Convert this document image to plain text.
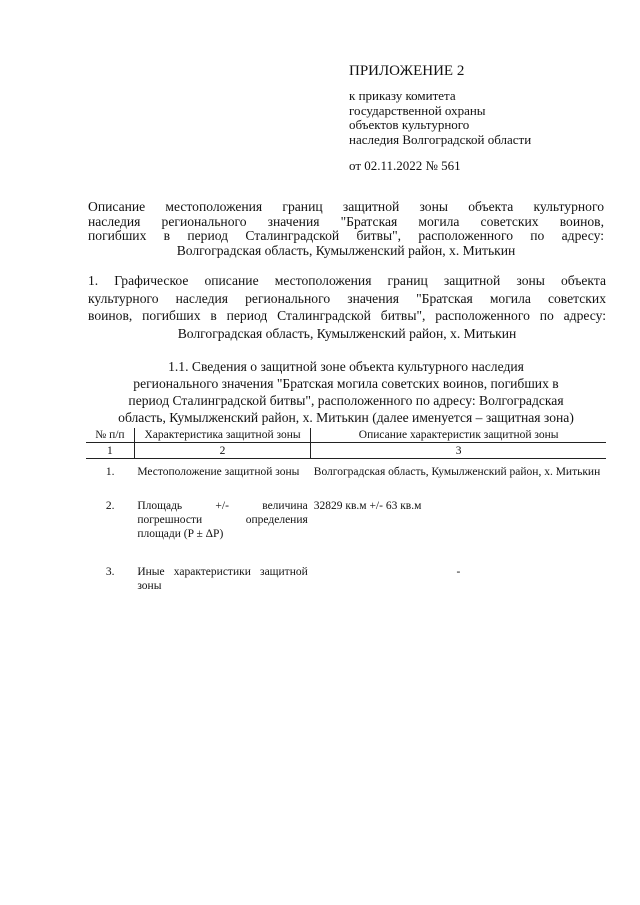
ПРИЛОЖЕНИЕ 2
к приказу комитета
государственной охраны
объектов культурного
наследия Волгоградской области
от 02.11.2022 № 561
Описание местоположения границ защитной зоны объекта культурного
наследия регионального значения "Братская могила советских воинов,
погибших в период Сталинградской битвы", расположенного по адресу:
Волгоградская область, Кумылженский район, х. Митькин
1. Графическое описание местоположения границ защитной зоны объекта
культурного наследия регионального значения "Братская могила советских
воинов, погибших в период Сталинградской битвы", расположенного по адресу:
Волгоградская область, Кумылженский район, х. Митькин
1.1. Сведения о защитной зоне объекта культурного наследия
регионального значения "Братская могила советских воинов, погибших в
период Сталинградской битвы", расположенного по адресу: Волгоградская
область, Кумылженский район, х. Митькин (далее именуется – защитная зона)
№ п/п	Характеристика защитной зоны	Описание характеристик защитной зоны
1	2	3
1.	Местоположение защитной зоны	Волгоградская область, Кумылженский район, х. Митькин
2.	Площадь +/- величина погрешности определения площади (P ± ΔP)	32829 кв.м +/- 63 кв.м
3.	Иные характеристики защитной зоны	-
